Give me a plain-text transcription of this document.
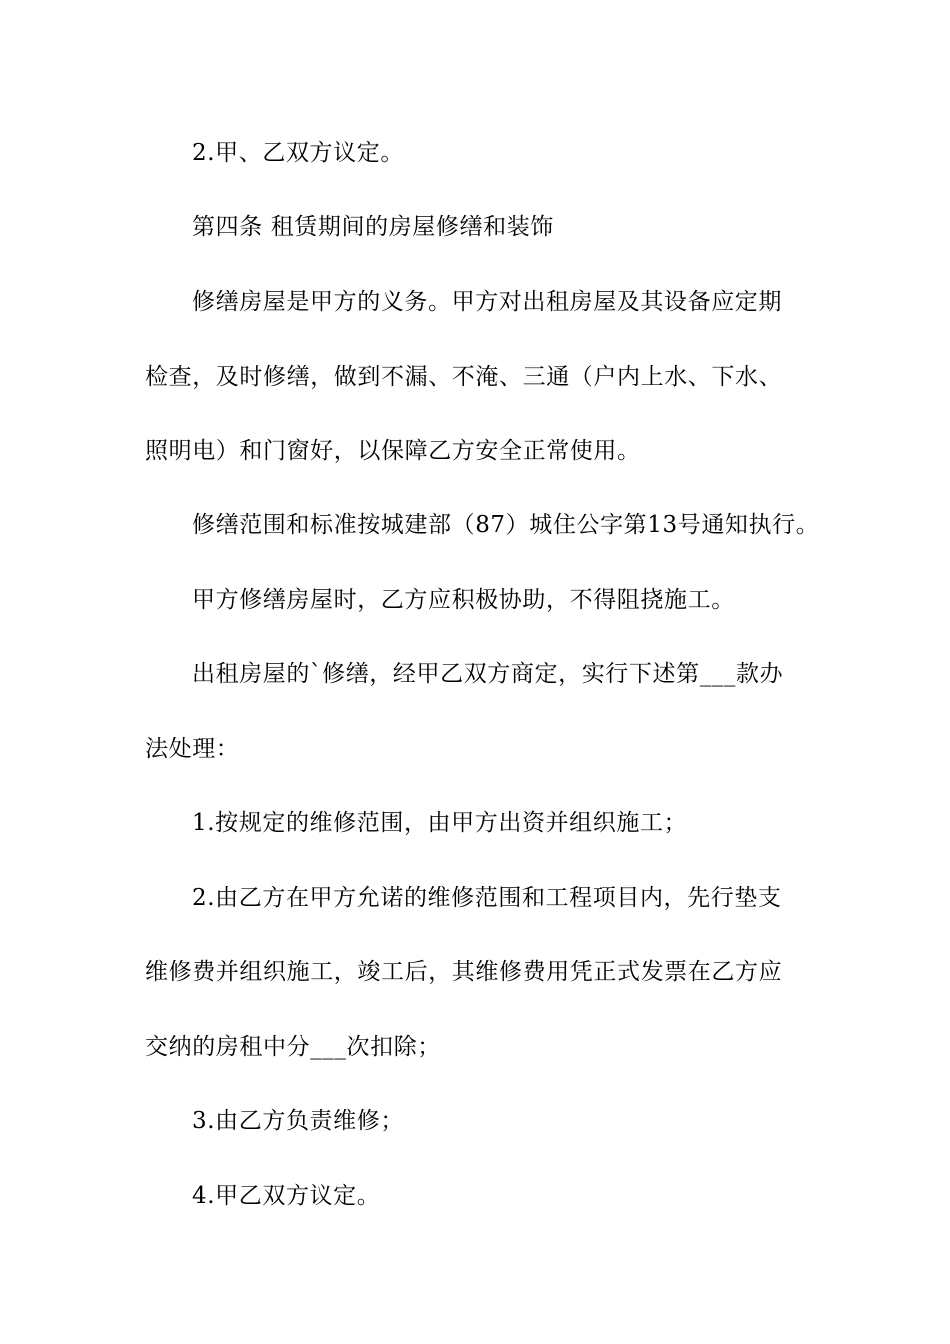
2.甲、乙双方议定。

第四条 租赁期间的房屋修缮和装饰

修缮房屋是甲方的义务。甲方对出租房屋及其设备应定期

检查，及时修缮，做到不漏、不淹、三通（户内上水、下水、

照明电）和门窗好，以保障乙方安全正常使用。

修缮范围和标准按城建部（87）城住公字第13号通知执行。

甲方修缮房屋时，乙方应积极协助，不得阻挠施工。

出租房屋的`修缮，经甲乙双方商定，实行下述第___款办

法处理：

1.按规定的维修范围，由甲方出资并组织施工；

2.由乙方在甲方允诺的维修范围和工程项目内，先行垫支

维修费并组织施工，竣工后，其维修费用凭正式发票在乙方应

交纳的房租中分___次扣除；

3.由乙方负责维修；

4.甲乙双方议定。
